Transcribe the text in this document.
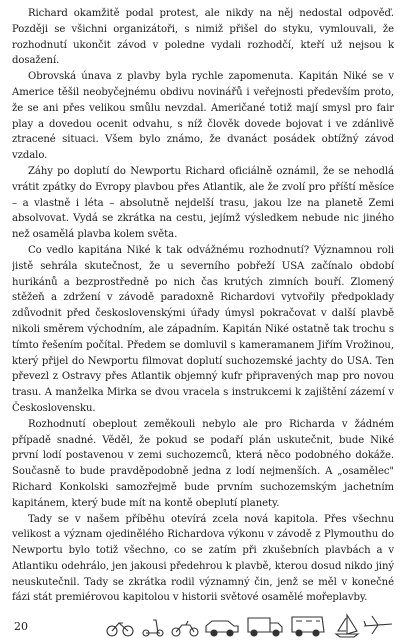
Richard okamžitě podal protest, ale nikdy na něj nedostal odpověď. Později se všichni organizátoři, s nimiž přišel do styku, vymlouvali, že rozhodnutí ukončit závod v poledne vydali rozhodčí, kteří už nejsou k dosažení.

Obrovská únava z plavby byla rychle zapomenuta. Kapitán Niké se v Americe těšil neobyčejnému obdivu novinářů i veřejnosti především proto, že se ani přes velikou smůlu nevzdal. Američané totiž mají smysl pro fair play a dovedou ocenit odvahu, s níž člověk dovede bojovat i ve zdánlivě ztracené situaci. Všem bylo známo, že dvanáct posádek obtížný závod vzdalo.

Záhy po doplutí do Newportu Richard oficiálně oznámil, že se nehodlá vrátit zpátky do Evropy plavbou přes Atlantik, ale že zvolí pro příští měsíce – a vlastně i léta – absolutně nejdelší trasu, jakou lze na planetě Zemi absolvovat. Vydá se zkrátka na cestu, jejímž výsledkem nebude nic jiného než osamělá plavba kolem světa.

Co vedlo kapitána Niké k tak odvážnému rozhodnutí? Významnou roli jistě sehrála skutečnost, že u severního pobřeží USA začínalo období hurikánů a bezprostředně po nich čas krutých zimních bouří. Zlomený stěžeň a zdržení v závodě paradoxně Richardovi vytvořily předpoklady zdůvodnit před československými úřady úmysl pokračovat v další plavbě nikoli směrem východním, ale západním. Kapitán Niké ostatně tak trochu s tímto řešením počítal. Předem se domluvil s kameramanem Jiřím Vrožinou, který přijel do Newportu filmovat doplutí suchozemské jachty do USA. Ten převezl z Ostravy přes Atlantik objemný kufr připravených map pro novou trasu. A manželka Mirka se dvou vracela s instrukcemi k zajištění zázemí v Československu.

Rozhodnutí obeplout zeměkouli nebylo ale pro Richarda v žádném případě snadné. Věděl, že pokud se podaří plán uskutečnit, bude Niké první lodí postavenou v zemi suchozemců, která něco podobného dokáže. Současně to bude pravděpodobně jedna z lodí nejmenších. A „osamělec" Richard Konkolski samozřejmě bude prvním suchozemským jachetním kapitánem, který bude mít na kontě obeplutí planety.

Tady se v našem příběhu otevírá zcela nová kapitola. Přes všechnu velikost a význam ojedinělého Richardova výkonu v závodě z Plymouthu do Newportu bylo totiž všechno, co se zatím při zkušebních plavbách a v Atlantiku odehrálo, jen jakousi předehrou k plavbě, kterou dosud nikdo jiný neuskutečnil. Tady se zkrátka rodil významný čin, jenž se měl v konečné fázi stát premiérovou kapitolou v historii světové osamělé mořeplavby.

20
